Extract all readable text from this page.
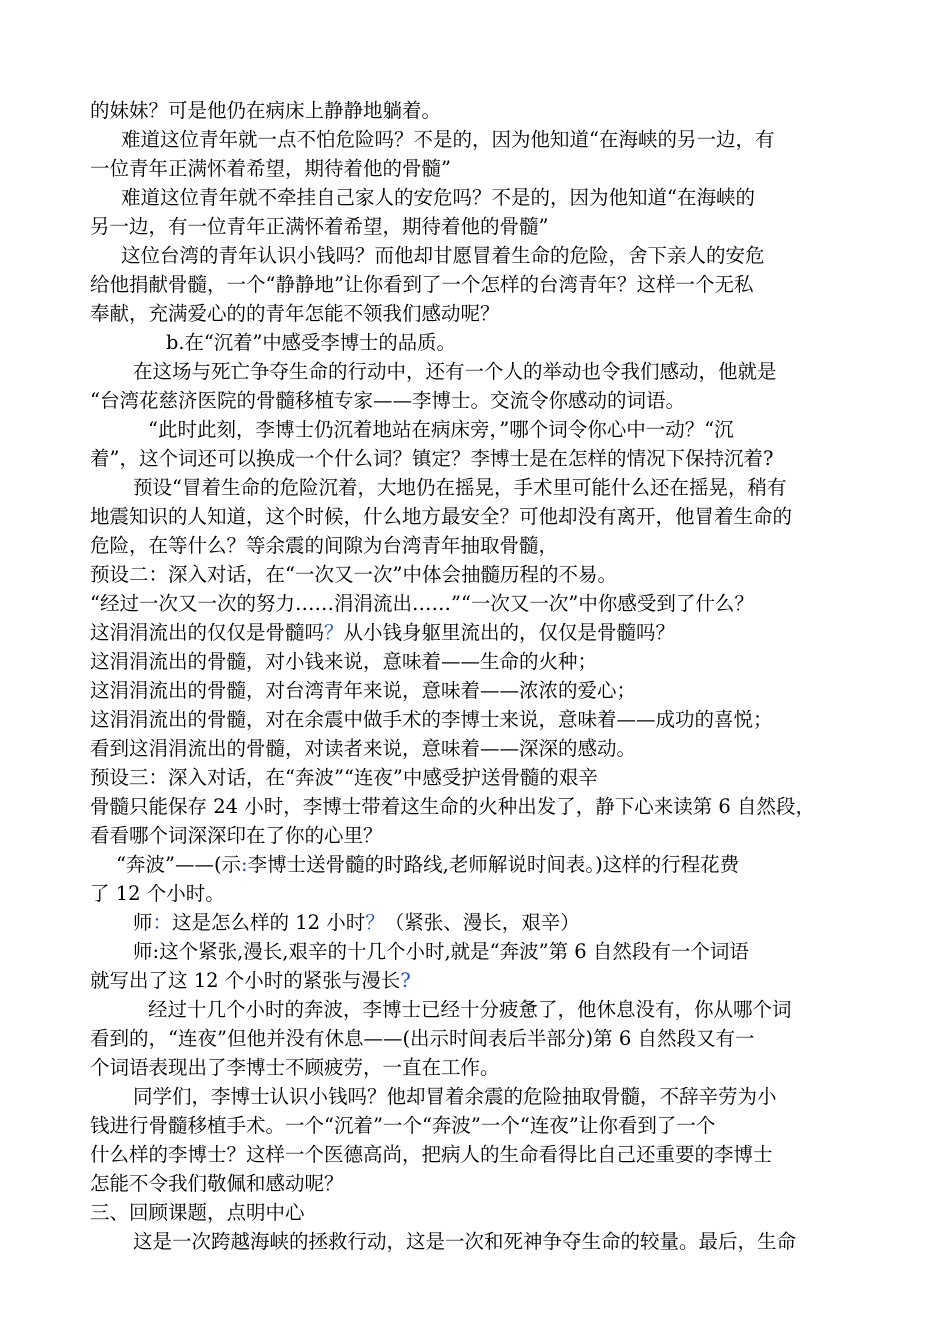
的妹妹？可是他仍在病床上静静地躺着。
难道这位青年就一点不怕危险吗？不是的，因为他知道“在海峡的另一边，有
一位青年正满怀着希望，期待着他的骨髓”
难道这位青年就不牵挂自己家人的安危吗？不是的，因为他知道“在海峡的
另一边，有一位青年正满怀着希望，期待着他的骨髓”
这位台湾的青年认识小钱吗？而他却甘愿冒着生命的危险，舍下亲人的安危
给他捐献骨髓，一个“静静地”让你看到了一个怎样的台湾青年？这样一个无私
奉献，充满爱心的的青年怎能不领我们感动呢？
b.在“沉着”中感受李博士的品质。
在这场与死亡争夺生命的行动中，还有一个人的举动也令我们感动，他就是
“台湾花慈济医院的骨髓移植专家——李博士。交流令你感动的词语。
“此时此刻，李博士仍沉着地站在病床旁，”哪个词令你心中一动？“沉
着”，这个词还可以换成一个什么词？镇定？李博士是在怎样的情况下保持沉着?
预设“冒着生命的危险沉着，大地仍在摇晃，手术里可能什么还在摇晃，稍有
地震知识的人知道，这个时候，什么地方最安全？可他却没有离开，他冒着生命的
危险，在等什么？等余震的间隙为台湾青年抽取骨髓，
预设二：深入对话，在“一次又一次”中体会抽髓历程的不易。
“经过一次又一次的努力……涓涓流出……”“一次又一次”中你感受到了什么？
这涓涓流出的仅仅是骨髓吗？从小钱身躯里流出的，仅仅是骨髓吗？
这涓涓流出的骨髓，对小钱来说，意味着——生命的火种；
这涓涓流出的骨髓，对台湾青年来说，意味着——浓浓的爱心；
这涓涓流出的骨髓，对在余震中做手术的李博士来说，意味着——成功的喜悦；
看到这涓涓流出的骨髓，对读者来说，意味着——深深的感动。
预设三：深入对话，在“奔波”“连夜”中感受护送骨髓的艰辛
骨髓只能保存 24 小时，李博士带着这生命的火种出发了，静下心来读第 6 自然段，
看看哪个词深深印在了你的心里？
“奔波”——(示:李博士送骨髓的时路线,老师解说时间表。)这样的行程花费
了 12 个小时。
师：这是怎么样的 12 小时？（紧张、漫长，艰辛）
师:这个紧张,漫长,艰辛的十几个小时,就是“奔波”第 6 自然段有一个词语
就写出了这 12 个小时的紧张与漫长?
经过十几个小时的奔波，李博士已经十分疲惫了，他休息没有，你从哪个词
看到的，“连夜”但他并没有休息——(出示时间表后半部分)第 6 自然段又有一
个词语表现出了李博士不顾疲劳，一直在工作。
同学们，李博士认识小钱吗？他却冒着余震的危险抽取骨髓，不辞辛劳为小
钱进行骨髓移植手术。一个“沉着”一个“奔波”一个“连夜”让你看到了一个
什么样的李博士？这样一个医德高尚，把病人的生命看得比自己还重要的李博士
怎能不令我们敬佩和感动呢？
三、回顾课题，点明中心
这是一次跨越海峡的拯救行动，这是一次和死神争夺生命的较量。最后，生命
